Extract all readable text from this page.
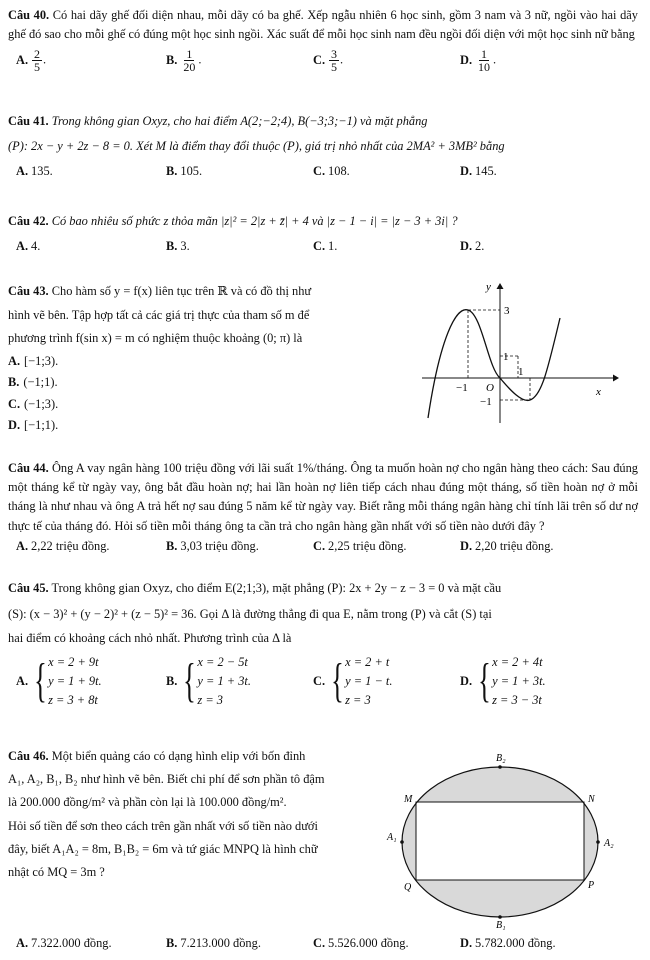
Câu 40. Có hai dãy ghế đối diện nhau, mỗi dãy có ba ghế. Xếp ngẫu nhiên 6 học sinh, gồm 3 nam và 3 nữ, ngồi vào hai dãy ghế đó sao cho mỗi ghế có đúng một học sinh ngồi. Xác suất để mỗi học sinh nam đều ngồi đối diện với một học sinh nữ bằng

A. $\frac{2}{5}$ .	B. $\frac{1}{20}$ .	C. $\frac{3}{5}$ .	D. $\frac{1}{10}$ .

Câu 41. Trong không gian Oxyz, cho hai điểm A(2;−2;4), B(−3;3;−1) và mặt phẳng

(P): 2x − y + 2z − 8 = 0. Xét M là điểm thay đổi thuộc (P), giá trị nhỏ nhất của 2MA² + 3MB² bằng

A. 135.	B. 105.	C. 108.	D. 145.

Câu 42. Có bao nhiêu số phức z thỏa mãn |z|² = 2|z + z̄| + 4 và |z − 1 − i| = |z − 3 + 3i| ?

A. 4.	B. 3.	C. 1.	D. 2.

Câu 43. Cho hàm số y = f(x) liên tục trên ℝ và có đồ thị như

hình vẽ bên. Tập hợp tất cả các giá trị thực của tham số m để

phương trình f(sin x) = m có nghiệm thuộc khoảng (0; π) là

A. [−1;3).
B. (−1;1).
C. (−1;3).
D. [−1;1).
y
x
3
1
1
O
−1
−1

Câu 44. Ông A vay ngân hàng 100 triệu đồng với lãi suất 1%/tháng. Ông ta muốn hoàn nợ cho ngân hàng theo cách: Sau đúng một tháng kể từ ngày vay, ông bắt đầu hoàn nợ; hai lần hoàn nợ liên tiếp cách nhau đúng một tháng, số tiền hoàn nợ ở mỗi tháng là như nhau và ông A trả hết nợ sau đúng 5 năm kể từ ngày vay. Biết rằng mỗi tháng ngân hàng chỉ tính lãi trên số dư nợ thực tế của tháng đó. Hỏi số tiền mỗi tháng ông ta cần trả cho ngân hàng gần nhất với số tiền nào dưới đây ?

A. 2,22 triệu đồng.	B. 3,03 triệu đồng.	C. 2,25 triệu đồng.	D. 2,20 triệu đồng.

Câu 45. Trong không gian Oxyz, cho điểm E(2;1;3), mặt phẳng (P): 2x + 2y − z − 3 = 0 và mặt cầu

(S): (x − 3)² + (y − 2)² + (z − 5)² = 36. Gọi Δ là đường thẳng đi qua E, nằm trong (P) và cắt (S) tại

hai điểm có khoảng cách nhỏ nhất. Phương trình của Δ là

A. { x = 2 + 9t
y = 1 + 9t.
z = 3 + 8t
B. { x = 2 − 5t
y = 1 + 3t.
z = 3
C. { x = 2 + t
y = 1 − t.
z = 3
D. { x = 2 + 4t
y = 1 + 3t.
z = 3 − 3t

Câu 46. Một biển quảng cáo có dạng hình elip với bốn đỉnh

A₁, A₂, B₁, B₂ như hình vẽ bên. Biết chi phí để sơn phần tô đậm

là 200.000 đồng/m² và phần còn lại là 100.000 đồng/m².

Hỏi số tiền để sơn theo cách trên gần nhất với số tiền nào dưới

đây, biết A₁A₂ = 8m, B₁B₂ = 6m và tứ giác MNPQ là hình chữ

nhật có MQ = 3m ?

B₂
B₁
A₁
A₂
M	N
Q	P
A. 7.322.000 đồng.	B. 7.213.000 đồng.	C. 5.526.000 đồng.	D. 5.782.000 đồng.
